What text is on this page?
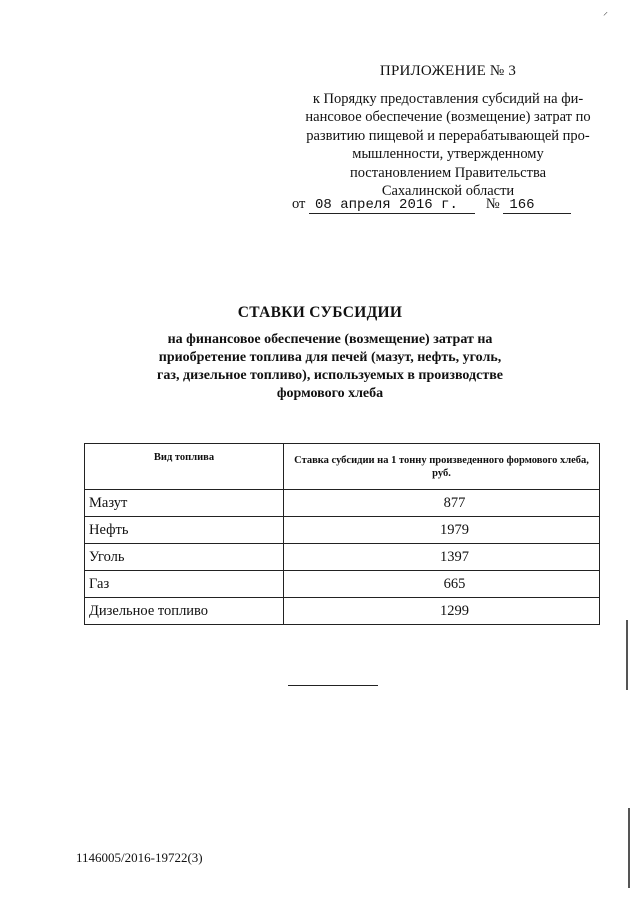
⸍
ПРИЛОЖЕНИЕ № 3
к Порядку предоставления субсидий на фи-
нансовое обеспечение (возмещение) затрат по
развитию пищевой и перерабатывающей про-
мышленности, утвержденному
постановлением Правительства
Сахалинской области
от 08 апреля 2016 г. № 166
СТАВКИ СУБСИДИИ
на финансовое обеспечение (возмещение) затрат на
приобретение топлива для печей (мазут, нефть, уголь,
газ, дизельное топливо), используемых в производстве
формового хлеба
Вид топлива	Ставка субсидии на 1 тонну произведенного формового хлеба, руб.
Мазут	877
Нефть	1979
Уголь	1397
Газ	665
Дизельное топливо	1299
1146005/2016-19722(3)
